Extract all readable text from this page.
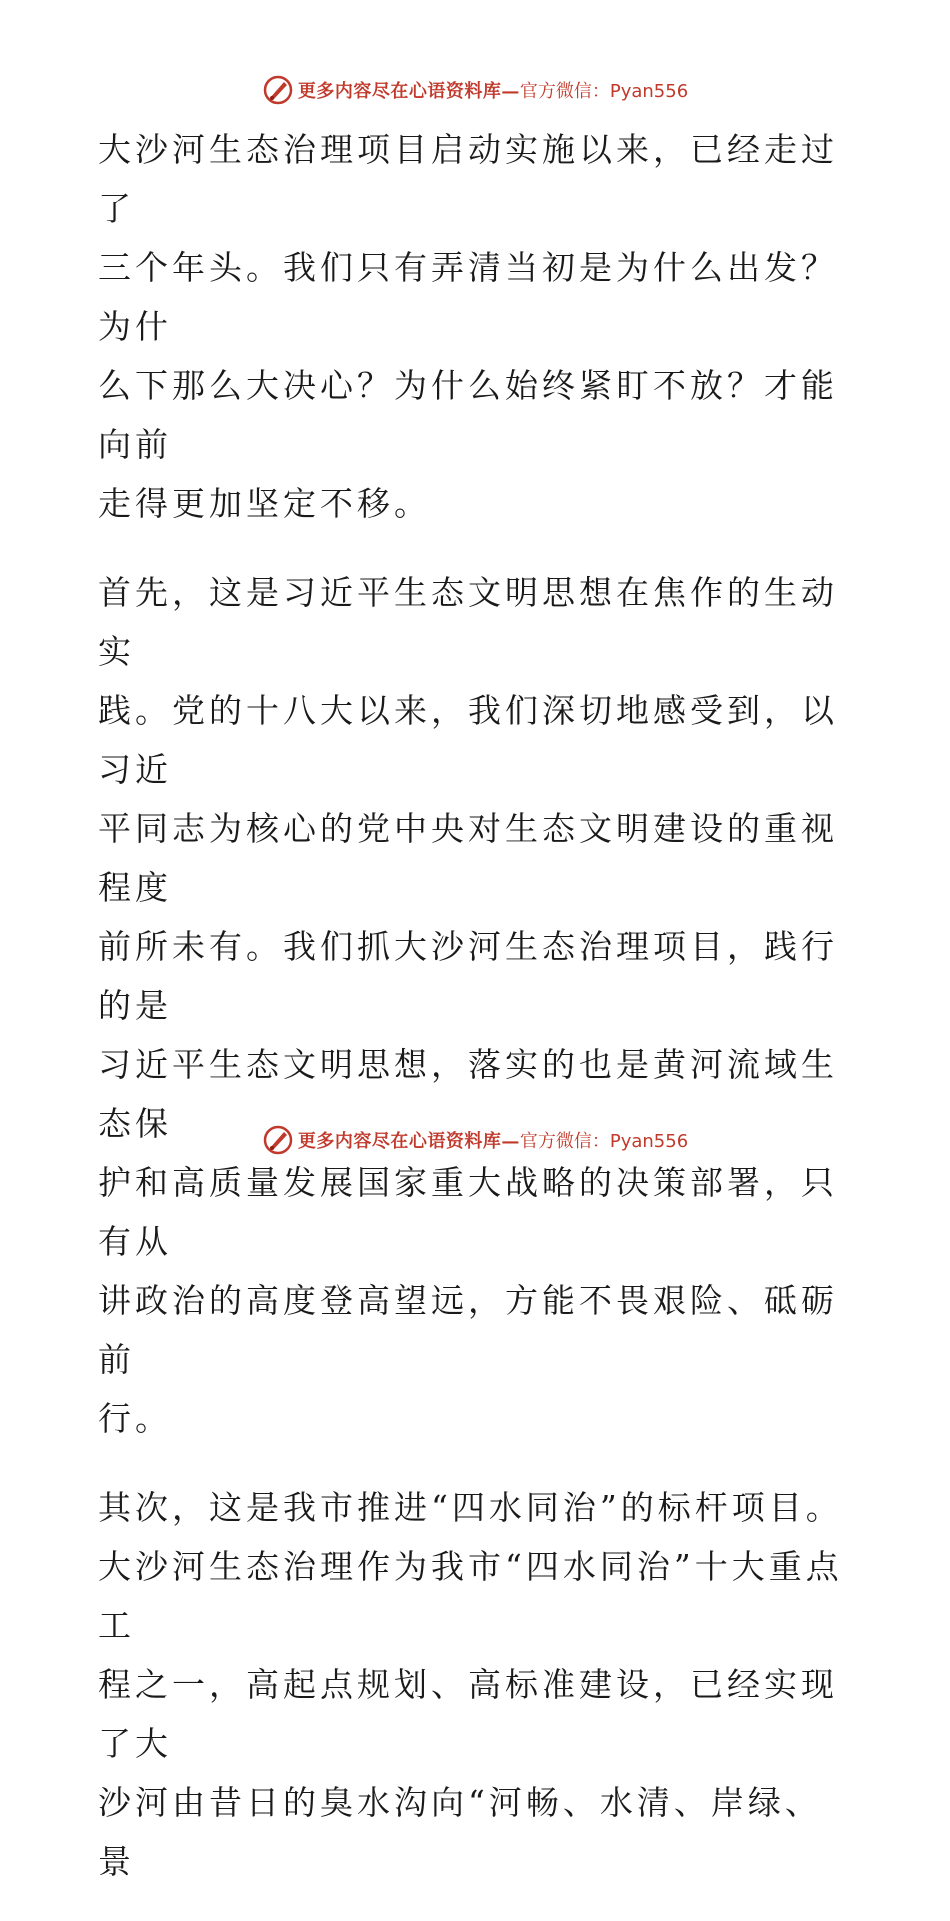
更多内容尽在心语资料库— 官方微信：Pyan556

大沙河生态治理项目启动实施以来，已经走过了
三个年头。我们只有弄清当初是为什么出发？为什
么下那么大决心？为什么始终紧盯不放？才能向前
走得更加坚定不移。

首先，这是习近平生态文明思想在焦作的生动实
践。党的十八大以来，我们深切地感受到，以习近
平同志为核心的党中央对生态文明建设的重视程度
前所未有。我们抓大沙河生态治理项目，践行的是
习近平生态文明思想，落实的也是黄河流域生态保
护和高质量发展国家重大战略的决策部署，只有从
讲政治的高度登高望远，方能不畏艰险、砥砺前
行。

其次，这是我市推进“四水同治”的标杆项目。
大沙河生态治理作为我市“四水同治”十大重点工
程之一，高起点规划、高标准建设，已经实现了大
沙河由昔日的臭水沟向“河畅、水清、岸绿、景

更多内容尽在心语资料库— 官方微信：Pyan556
